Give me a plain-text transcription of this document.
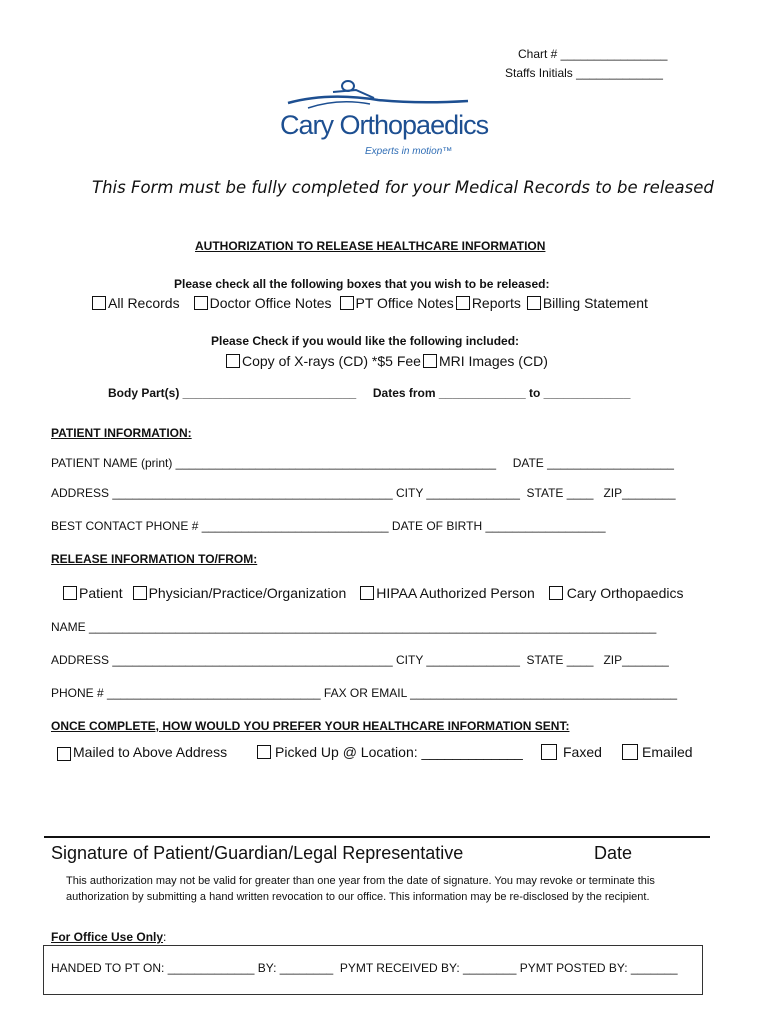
Chart # ________________
Staffs Initials _____________
Cary Orthopaedics
Experts in motion™
This Form must be fully completed for your Medical Records to be released
AUTHORIZATION TO RELEASE HEALTHCARE INFORMATION
Please check all the following boxes that you wish to be released:
All Records Doctor Office Notes PT Office Notes Reports Billing Statement
Please Check if you would like the following included:
Copy of X-rays (CD) *$5 Fee MRI Images (CD)
Body Part(s) __________________________     Dates from _____________ to _____________
PATIENT INFORMATION:
PATIENT NAME (print) ________________________________________________     DATE ___________________
ADDRESS __________________________________________ CITY ______________  STATE ____   ZIP________
BEST CONTACT PHONE # ____________________________ DATE OF BIRTH __________________
RELEASE INFORMATION TO/FROM:
Patient Physician/Practice/Organization HIPAA Authorized Person Cary Orthopaedics
NAME _____________________________________________________________________________________
ADDRESS __________________________________________ CITY ______________  STATE ____   ZIP_______
PHONE # ________________________________ FAX OR EMAIL ________________________________________
ONCE COMPLETE, HOW WOULD YOU PREFER YOUR HEALTHCARE INFORMATION SENT:
Mailed to Above Address	Picked Up @ Location: _____________	Faxed	Emailed
Signature of Patient/Guardian/Legal Representative	Date
This authorization may not be valid for greater than one year from the date of signature. You may revoke or terminate this
authorization by submitting a hand written revocation to our office. This information may be re-disclosed by the recipient.
For Office Use Only:
HANDED TO PT ON: _____________ BY: ________  PYMT RECEIVED BY: ________ PYMT POSTED BY: _______
